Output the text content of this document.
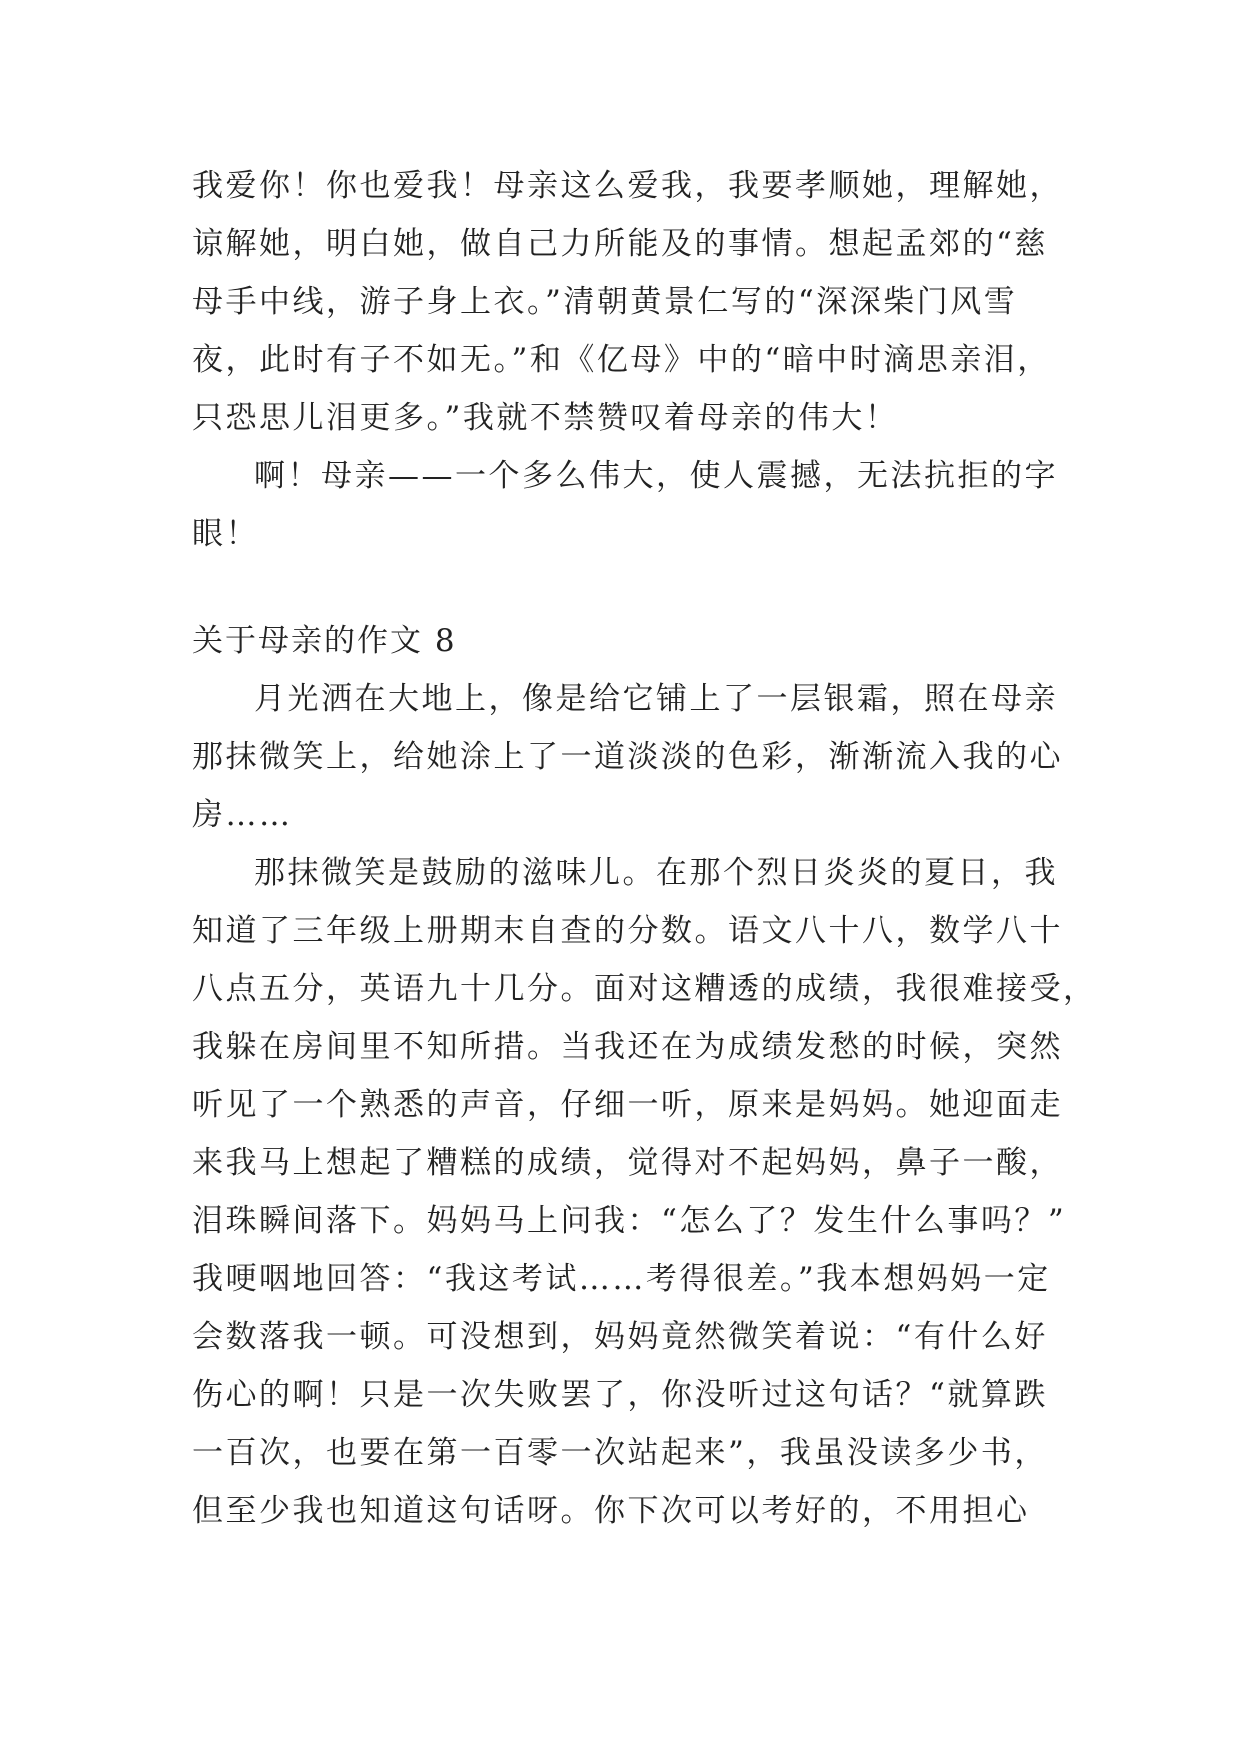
我爱你！你也爱我！母亲这么爱我，我要孝顺她，理解她，
谅解她，明白她，做自己力所能及的事情。想起孟郊的“慈
母手中线，游子身上衣。”清朝黄景仁写的“深深柴门风雪
夜，此时有子不如无。”和《亿母》中的“暗中时滴思亲泪，
只恐思儿泪更多。”我就不禁赞叹着母亲的伟大！
啊！母亲——一个多么伟大，使人震撼，无法抗拒的字
眼！
关于母亲的作文 8
月光洒在大地上，像是给它铺上了一层银霜，照在母亲
那抹微笑上，给她涂上了一道淡淡的色彩，渐渐流入我的心
房……
那抹微笑是鼓励的滋味儿。在那个烈日炎炎的夏日，我
知道了三年级上册期末自查的分数。语文八十八，数学八十
八点五分，英语九十几分。面对这糟透的成绩，我很难接受，
我躲在房间里不知所措。当我还在为成绩发愁的时候，突然
听见了一个熟悉的声音，仔细一听，原来是妈妈。她迎面走
来我马上想起了糟糕的成绩，觉得对不起妈妈，鼻子一酸，
泪珠瞬间落下。妈妈马上问我：“怎么了？发生什么事吗？”
我哽咽地回答：“我这考试……考得很差。”我本想妈妈一定
会数落我一顿。可没想到，妈妈竟然微笑着说：“有什么好
伤心的啊！只是一次失败罢了，你没听过这句话？“就算跌
一百次，也要在第一百零一次站起来”，我虽没读多少书，
但至少我也知道这句话呀。你下次可以考好的，不用担心
